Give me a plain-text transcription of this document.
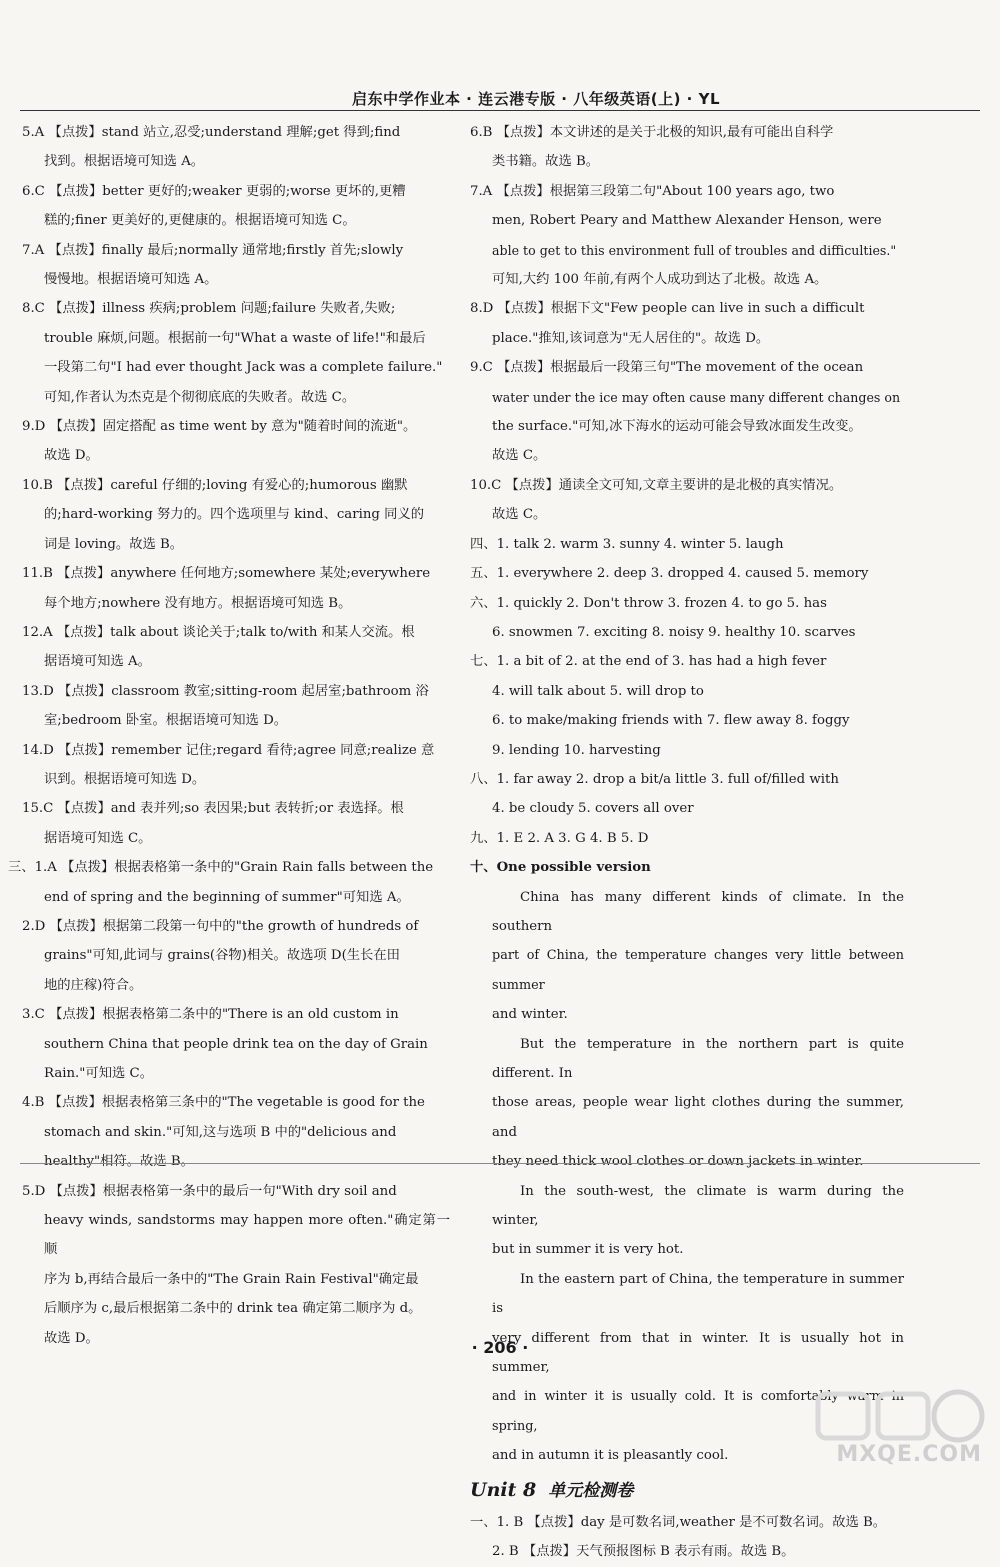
启东中学作业本 · 连云港专版 · 八年级英语(上) · YL

5.A 【点拨】stand 站立,忍受;understand 理解;get 得到;find

找到。根据语境可知选 A。

6.C 【点拨】better 更好的;weaker 更弱的;worse 更坏的,更糟

糕的;finer 更美好的,更健康的。根据语境可知选 C。

7.A 【点拨】finally 最后;normally 通常地;firstly 首先;slowly

慢慢地。根据语境可知选 A。

8.C 【点拨】illness 疾病;problem 问题;failure 失败者,失败;

trouble 麻烦,问题。根据前一句"What a waste of life!"和最后

一段第二句"I had ever thought Jack was a complete failure."

可知,作者认为杰克是个彻彻底底的失败者。故选 C。

9.D 【点拨】固定搭配 as time went by 意为"随着时间的流逝"。

故选 D。

10.B 【点拨】careful 仔细的;loving 有爱心的;humorous 幽默

的;hard-working 努力的。四个选项里与 kind、caring 同义的

词是 loving。故选 B。

11.B 【点拨】anywhere 任何地方;somewhere 某处;everywhere

每个地方;nowhere 没有地方。根据语境可知选 B。

12.A 【点拨】talk about 谈论关于;talk to/with 和某人交流。根

据语境可知选 A。

13.D 【点拨】classroom 教室;sitting-room 起居室;bathroom 浴

室;bedroom 卧室。根据语境可知选 D。

14.D 【点拨】remember 记住;regard 看待;agree 同意;realize 意

识到。根据语境可知选 D。

15.C 【点拨】and 表并列;so 表因果;but 表转折;or 表选择。根

据语境可知选 C。

三、1.A 【点拨】根据表格第一条中的"Grain Rain falls between the

end of spring and the beginning of summer"可知选 A。

2.D 【点拨】根据第二段第一句中的"the growth of hundreds of

grains"可知,此词与 grains(谷物)相关。故选项 D(生长在田

地的庄稼)符合。

3.C 【点拨】根据表格第二条中的"There is an old custom in

southern China that people drink tea on the day of Grain

Rain."可知选 C。

4.B 【点拨】根据表格第三条中的"The vegetable is good for the

stomach and skin."可知,这与选项 B 中的"delicious and

healthy"相符。故选 B。

5.D 【点拨】根据表格第一条中的最后一句"With dry soil and

heavy winds, sandstorms may happen more often."确定第一顺

序为 b,再结合最后一条中的"The Grain Rain Festival"确定最

后顺序为 c,最后根据第二条中的 drink tea 确定第二顺序为 d。

故选 D。

6.B 【点拨】本文讲述的是关于北极的知识,最有可能出自科学

类书籍。故选 B。

7.A 【点拨】根据第三段第二句"About 100 years ago, two

men, Robert Peary and Matthew Alexander Henson, were

able to get to this environment full of troubles and difficulties."

可知,大约 100 年前,有两个人成功到达了北极。故选 A。

8.D 【点拨】根据下文"Few people can live in such a difficult

place."推知,该词意为"无人居住的"。故选 D。

9.C 【点拨】根据最后一段第三句"The movement of the ocean

water under the ice may often cause many different changes on

the surface."可知,冰下海水的运动可能会导致冰面发生改变。

故选 C。

10.C 【点拨】通读全文可知,文章主要讲的是北极的真实情况。

故选 C。

四、1. talk 2. warm 3. sunny 4. winter 5. laugh

五、1. everywhere 2. deep 3. dropped 4. caused 5. memory

六、1. quickly 2. Don't throw 3. frozen 4. to go 5. has

6. snowmen 7. exciting 8. noisy 9. healthy 10. scarves

七、1. a bit of 2. at the end of 3. has had a high fever

4. will talk about 5. will drop to

6. to make/making friends with 7. flew away 8. foggy

9. lending 10. harvesting

八、1. far away 2. drop a bit/a little 3. full of/filled with

4. be cloudy 5. covers all over

九、1. E 2. A 3. G 4. B 5. D

十、One possible version

China has many different kinds of climate. In the southern

part of China, the temperature changes very little between summer

and winter.

But the temperature in the northern part is quite different. In

those areas, people wear light clothes during the summer, and

they need thick wool clothes or down jackets in winter.

In the south-west, the climate is warm during the winter,

but in summer it is very hot.

In the eastern part of China, the temperature in summer is

very different from that in winter. It is usually hot in summer,

and in winter it is usually cold. It is comfortably warm in spring,

and in autumn it is pleasantly cool.

Unit 8 单元检测卷

一、1. B 【点拨】day 是可数名词,weather 是不可数名词。故选 B。

2. B 【点拨】天气预报图标 B 表示有雨。故选 B。

· 206 ·
MXQE.COM
